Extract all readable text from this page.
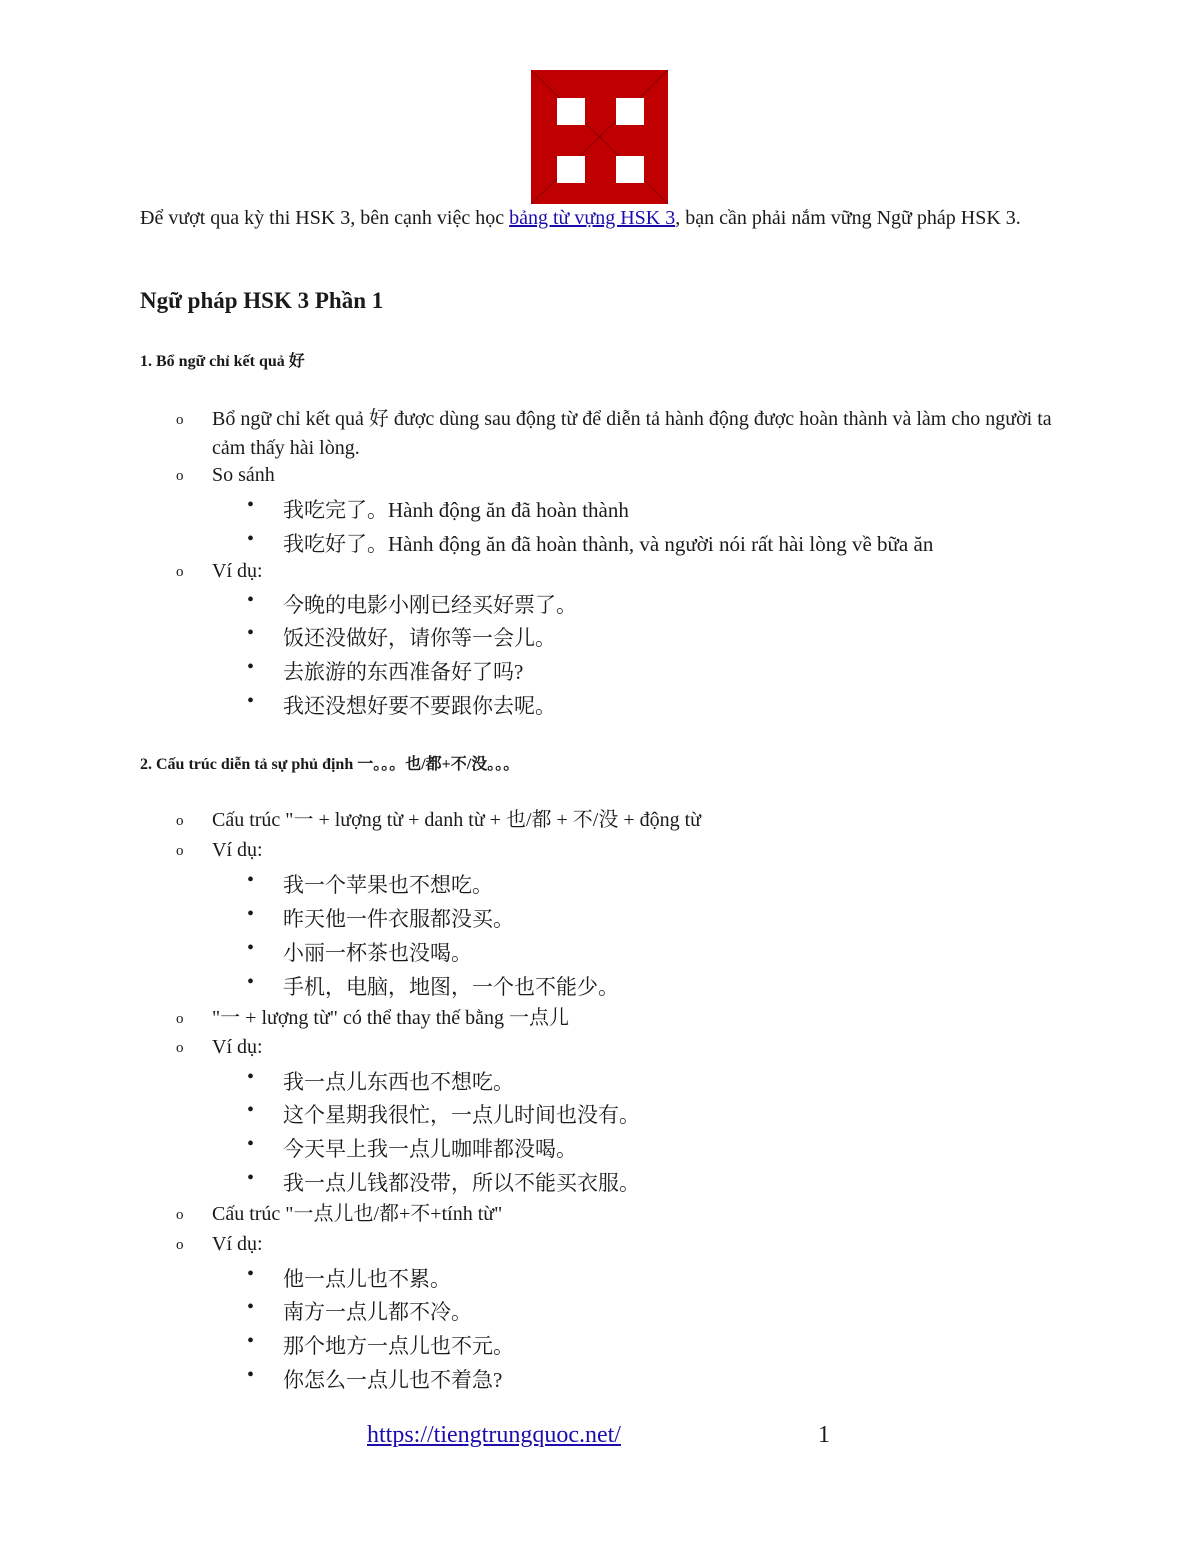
Để vượt qua kỳ thi HSK 3, bên cạnh việc học bảng từ vựng HSK 3, bạn cần phải nắm vững Ngữ pháp HSK 3.
Ngữ pháp HSK 3 Phần 1
1. Bổ ngữ chỉ kết quả 好
o Bổ ngữ chỉ kết quả 好 được dùng sau động từ để diễn tả hành động được hoàn thành và làm cho người ta cảm thấy hài lòng.
o So sánh
• 我吃完了。Hành động ăn đã hoàn thành
• 我吃好了。Hành động ăn đã hoàn thành, và người nói rất hài lòng về bữa ăn
o Ví dụ:
• 今晚的电影小刚已经买好票了。
• 饭还没做好，请你等一会儿。
• 去旅游的东西准备好了吗?
• 我还没想好要不要跟你去呢。
2. Cấu trúc diễn tả sự phủ định 一。。。也/都+不/没。。。
o Cấu trúc "一 + lượng từ + danh từ + 也/都 + 不/没 + động từ
o Ví dụ:
• 我一个苹果也不想吃。
• 昨天他一件衣服都没买。
• 小丽一杯茶也没喝。
• 手机，电脑，地图，一个也不能少。
o "一 + lượng từ" có thể thay thế bằng 一点儿
o Ví dụ:
• 我一点儿东西也不想吃。
• 这个星期我很忙，一点儿时间也没有。
• 今天早上我一点儿咖啡都没喝。
• 我一点儿钱都没带，所以不能买衣服。
o Cấu trúc "一点儿也/都+不+tính từ"
o Ví dụ:
• 他一点儿也不累。
• 南方一点儿都不冷。
• 那个地方一点儿也不元。
• 你怎么一点儿也不着急?
https://tiengtrungquoc.net/	1
